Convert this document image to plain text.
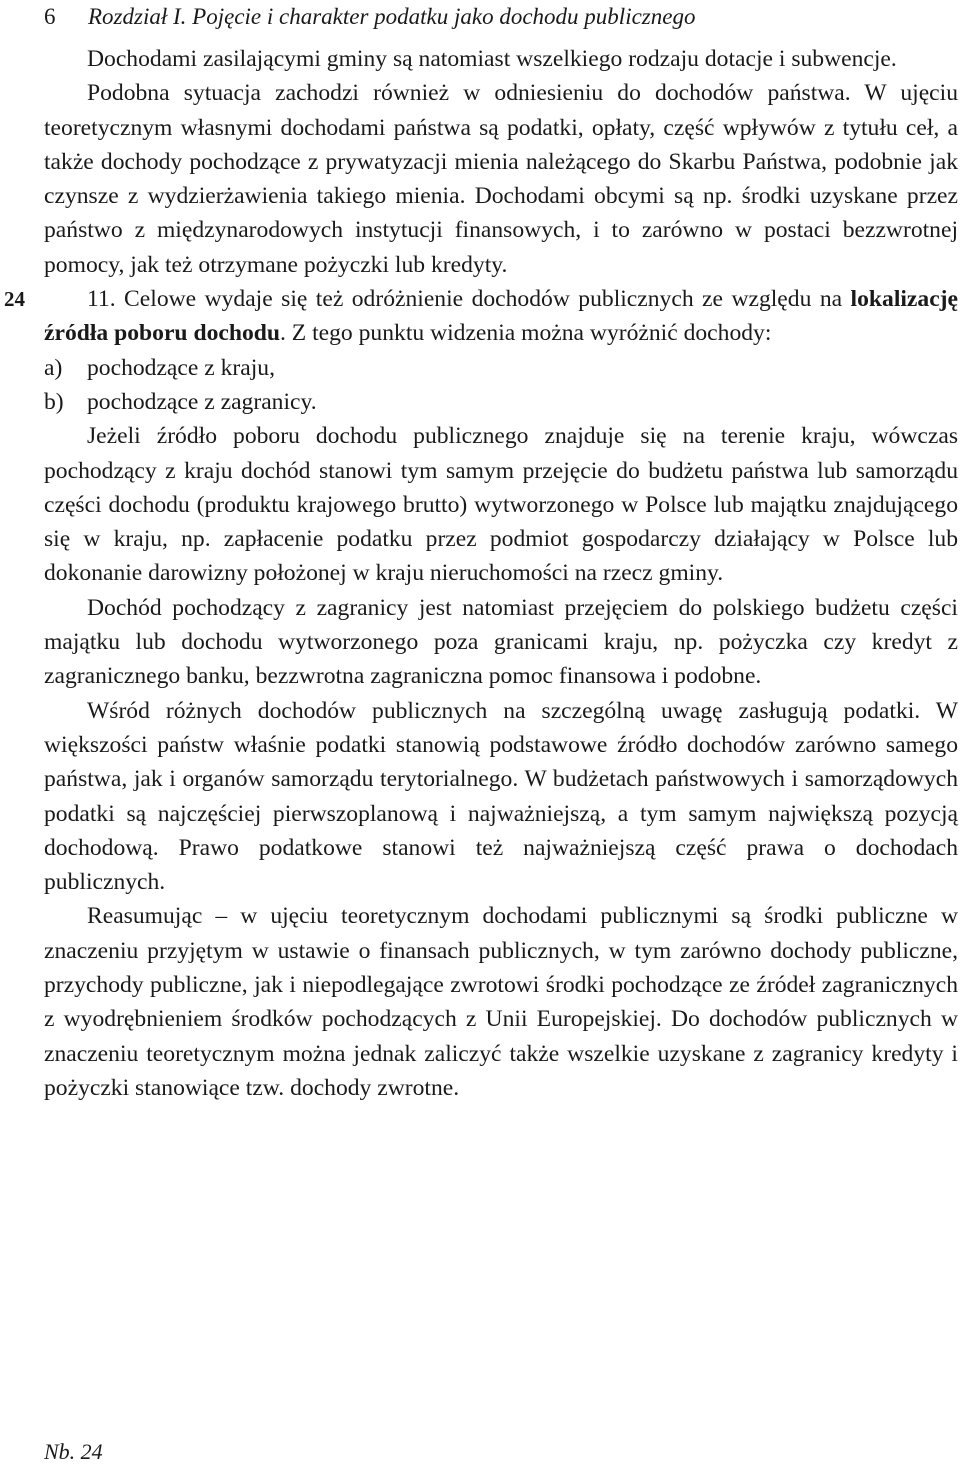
6 Rozdział I. Pojęcie i charakter podatku jako dochodu publicznego

Dochodami zasilającymi gminy są natomiast wszelkiego rodzaju dotacje i subwencje.

Podobna sytuacja zachodzi również w odniesieniu do dochodów państwa. W ujęciu teoretycznym własnymi dochodami państwa są podatki, opłaty, część wpływów z tytułu ceł, a także dochody pochodzące z prywatyzacji mienia należącego do Skarbu Państwa, podobnie jak czynsze z wydzierżawienia takiego mienia. Dochodami obcymi są np. środki uzyskane przez państwo z międzynarodowych instytucji finansowych, i to zarówno w postaci bezzwrotnej pomocy, jak też otrzymane pożyczki lub kredyty.

24	11. Celowe wydaje się też odróżnienie dochodów publicznych ze względu na lokalizację źródła poboru dochodu. Z tego punktu widzenia można wyróżnić dochody:

a) pochodzące z kraju,

b) pochodzące z zagranicy.

Jeżeli źródło poboru dochodu publicznego znajduje się na terenie kraju, wówczas pochodzący z kraju dochód stanowi tym samym przejęcie do budżetu państwa lub samorządu części dochodu (produktu krajowego brutto) wytworzonego w Polsce lub majątku znajdującego się w kraju, np. zapłacenie podatku przez podmiot gospodarczy działający w Polsce lub dokonanie darowizny położonej w kraju nieruchomości na rzecz gminy.

Dochód pochodzący z zagranicy jest natomiast przejęciem do polskiego budżetu części majątku lub dochodu wytworzonego poza granicami kraju, np. pożyczka czy kredyt z zagranicznego banku, bezzwrotna zagraniczna pomoc finansowa i podobne.

Wśród różnych dochodów publicznych na szczególną uwagę zasługują podatki. W większości państw właśnie podatki stanowią podstawowe źródło dochodów zarówno samego państwa, jak i organów samorządu terytorialnego. W budżetach państwowych i samorządowych podatki są najczęściej pierwszoplanową i najważniejszą, a tym samym największą pozycją dochodową. Prawo podatkowe stanowi też najważniejszą część prawa o dochodach publicznych.

Reasumując – w ujęciu teoretycznym dochodami publicznymi są środki publiczne w znaczeniu przyjętym w ustawie o finansach publicznych, w tym zarówno dochody publiczne, przychody publiczne, jak i niepodlegające zwrotowi środki pochodzące ze źródeł zagranicznych z wyodrębnieniem środków pochodzących z Unii Europejskiej. Do dochodów publicznych w znaczeniu teoretycznym można jednak zaliczyć także wszelkie uzyskane z zagranicy kredyty i pożyczki stanowiące tzw. dochody zwrotne.

Nb. 24
